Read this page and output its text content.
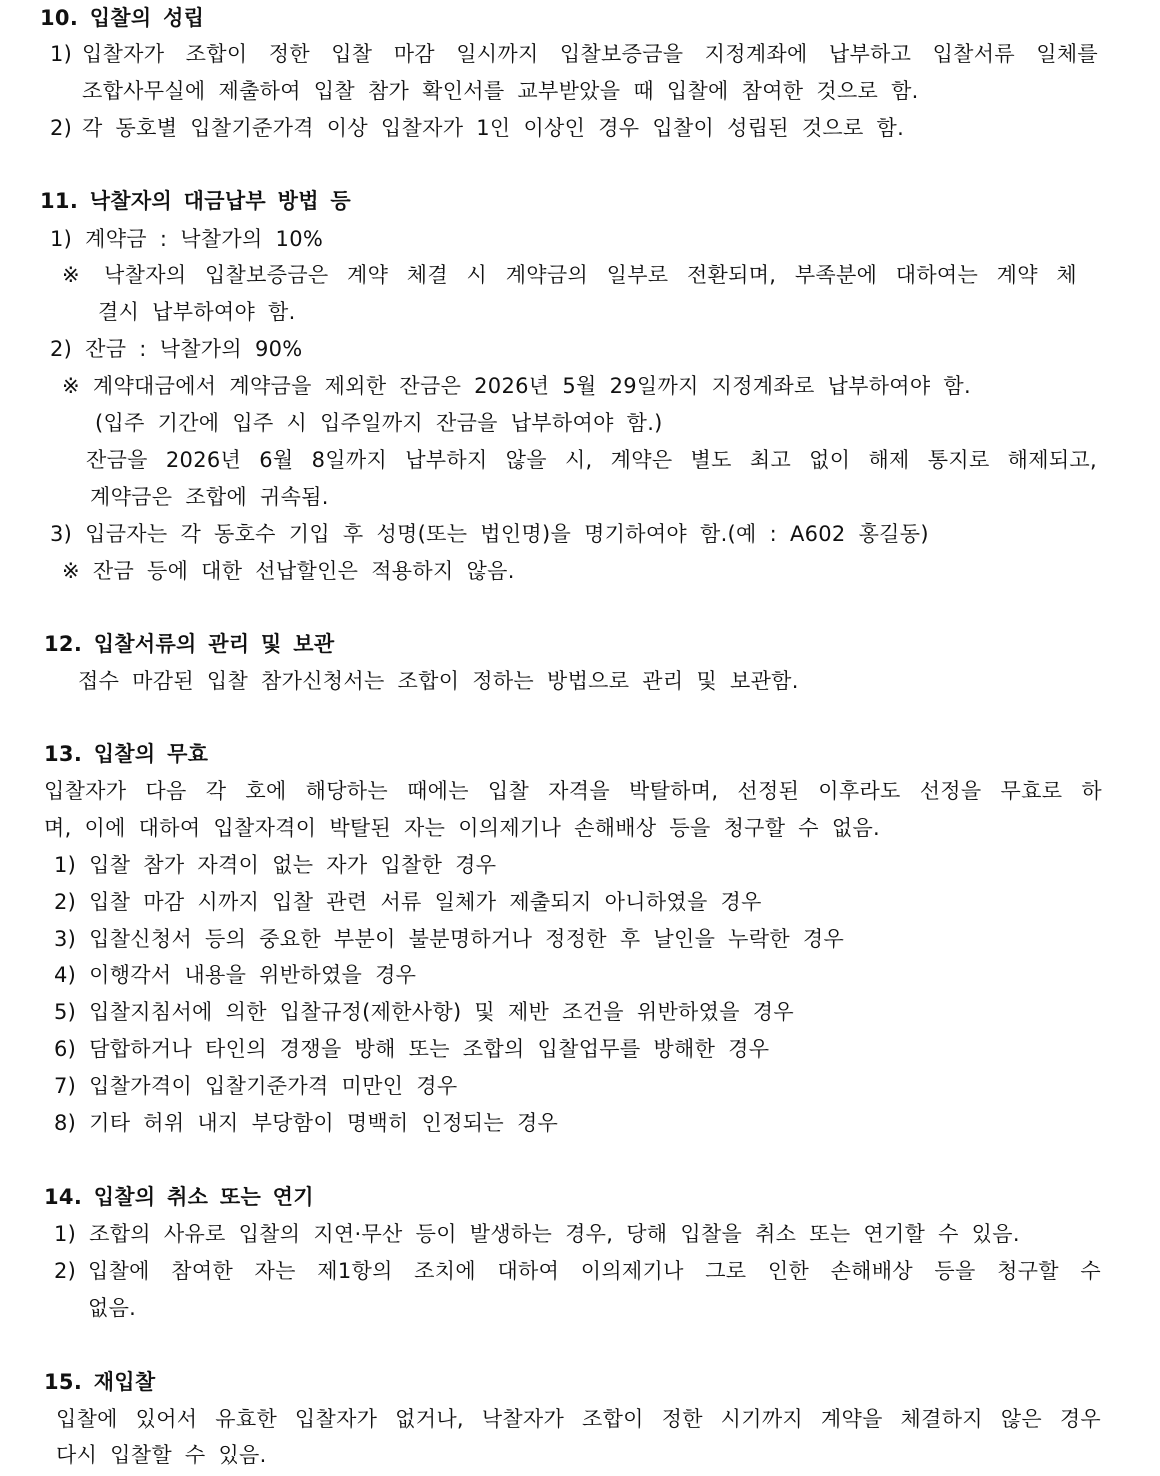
10. 입찰의 성립
1) 입찰자가 조합이 정한 입찰 마감 일시까지 입찰보증금을 지정계좌에 납부하고 입찰서류 일체를
조합사무실에 제출하여 입찰 참가 확인서를 교부받았을 때 입찰에 참여한 것으로 함.
2) 각 동호별 입찰기준가격 이상 입찰자가 1인 이상인 경우 입찰이 성립된 것으로 함.
11. 낙찰자의 대금납부 방법 등
1) 계약금 : 낙찰가의 10%
※ 낙찰자의 입찰보증금은 계약 체결 시 계약금의 일부로 전환되며, 부족분에 대하여는 계약 체
결시 납부하여야 함.
2) 잔금 : 낙찰가의 90%
※ 계약대금에서 계약금을 제외한 잔금은 2026년 5월 29일까지 지정계좌로 납부하여야 함.
(입주 기간에 입주 시 입주일까지 잔금을 납부하여야 함.)
잔금을 2026년 6월 8일까지 납부하지 않을 시, 계약은 별도 최고 없이 해제 통지로 해제되고,
계약금은 조합에 귀속됨.
3) 입금자는 각 동호수 기입 후 성명(또는 법인명)을 명기하여야 함.(예 : A602 홍길동)
※ 잔금 등에 대한 선납할인은 적용하지 않음.
12. 입찰서류의 관리 및 보관
접수 마감된 입찰 참가신청서는 조합이 정하는 방법으로 관리 및 보관함.
13. 입찰의 무효
입찰자가 다음 각 호에 해당하는 때에는 입찰 자격을 박탈하며, 선정된 이후라도 선정을 무효로 하
며, 이에 대하여 입찰자격이 박탈된 자는 이의제기나 손해배상 등을 청구할 수 없음.
1) 입찰 참가 자격이 없는 자가 입찰한 경우
2) 입찰 마감 시까지 입찰 관련 서류 일체가 제출되지 아니하였을 경우
3) 입찰신청서 등의 중요한 부분이 불분명하거나 정정한 후 날인을 누락한 경우
4) 이행각서 내용을 위반하였을 경우
5) 입찰지침서에 의한 입찰규정(제한사항) 및 제반 조건을 위반하였을 경우
6) 담합하거나 타인의 경쟁을 방해 또는 조합의 입찰업무를 방해한 경우
7) 입찰가격이 입찰기준가격 미만인 경우
8) 기타 허위 내지 부당함이 명백히 인정되는 경우
14. 입찰의 취소 또는 연기
1) 조합의 사유로 입찰의 지연·무산 등이 발생하는 경우, 당해 입찰을 취소 또는 연기할 수 있음.
2) 입찰에 참여한 자는 제1항의 조치에 대하여 이의제기나 그로 인한 손해배상 등을 청구할 수
없음.
15. 재입찰
입찰에 있어서 유효한 입찰자가 없거나, 낙찰자가 조합이 정한 시기까지 계약을 체결하지 않은 경우
다시 입찰할 수 있음.
